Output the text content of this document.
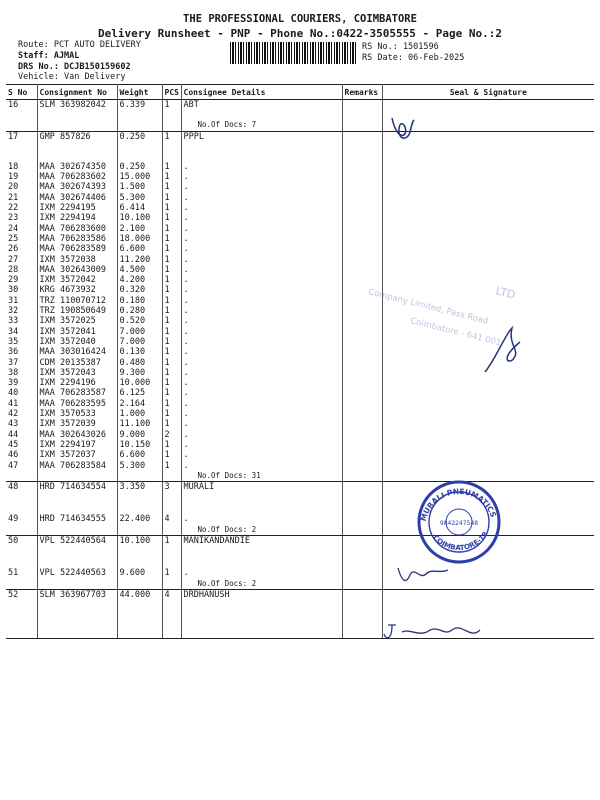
THE PROFESSIONAL COURIERS, COIMBATORE
Delivery Runsheet - PNP - Phone No.:0422-3505555 - Page No.:2
Route: PCT AUTO DELIVERY
Staff: AJMAL
DRS No.: DCJB150159602
Vehicle: Van Delivery
RS No.: 1501596
RS Date: 06-Feb-2025
S No	Consignment No	Weight	PCS	Consignee Details	Remarks	Seal & Signature
16	SLM 363982042	6.339	1	ABT		

				No.Of Docs: 7		
17	GMP 857826	0.250	1	PPPL		

18	MAA 302674350	0.250	1	.		
19	MAA 706283602	15.000	1	.		
20	MAA 302674393	1.500	1	.		
21	MAA 302674406	5.300	1	.		
22	IXM 2294195	6.414	1	.		
23	IXM 2294194	10.100	1	.		
24	MAA 706283600	2.100	1	.		
25	MAA 706283586	18.000	1	.		
26	MAA 706283589	6.600	1	.		
27	IXM 3572038	11.200	1	.		
28	MAA 302643009	4.500	1	.		
29	IXM 3572042	4.200	1	.		
30	KRG 4673932	0.320	1	.		
31	TRZ 110070712	0.180	1	.		
32	TRZ 190850649	0.280	1	.		
33	IXM 3572025	0.520	1	.		
34	IXM 3572041	7.000	1	.		
35	IXM 3572040	7.000	1	.		
36	MAA 303016424	0.130	1	.		
37	CDM 20135387	0.480	1	.		
38	IXM 3572043	9.300	1	.		
39	IXM 2294196	10.000	1	.		
40	MAA 706283587	6.125	1	.		
41	MAA 706283595	2.164	1	.		
42	IXM 3570533	1.000	1	.		
43	IXM 3572039	11.100	1	.		
44	MAA 302643026	9.000	2	.		
45	IXM 2294197	10.150	1	.		
46	IXM 3572037	6.600	1	.		
47	MAA 706283584	5.300	1	.		
				No.Of Docs: 31		
48	HRD 714634554	3.350	3	MURALI		

49	HRD 714634555	22.400	4	.		
				No.Of Docs: 2		
50	VPL 522440564	10.100	1	MANIKANDANDIE		

51	VPL 522440563	9.600	1	.		
				No.Of Docs: 2		
52	SLM 363967703	44.000	4	DRDHANUSH		

LTD
Company Limited, Pass Road
Coimbatore - 641 001
MURALI PNEUMATICS
COIMBATORE-18
9842247548
